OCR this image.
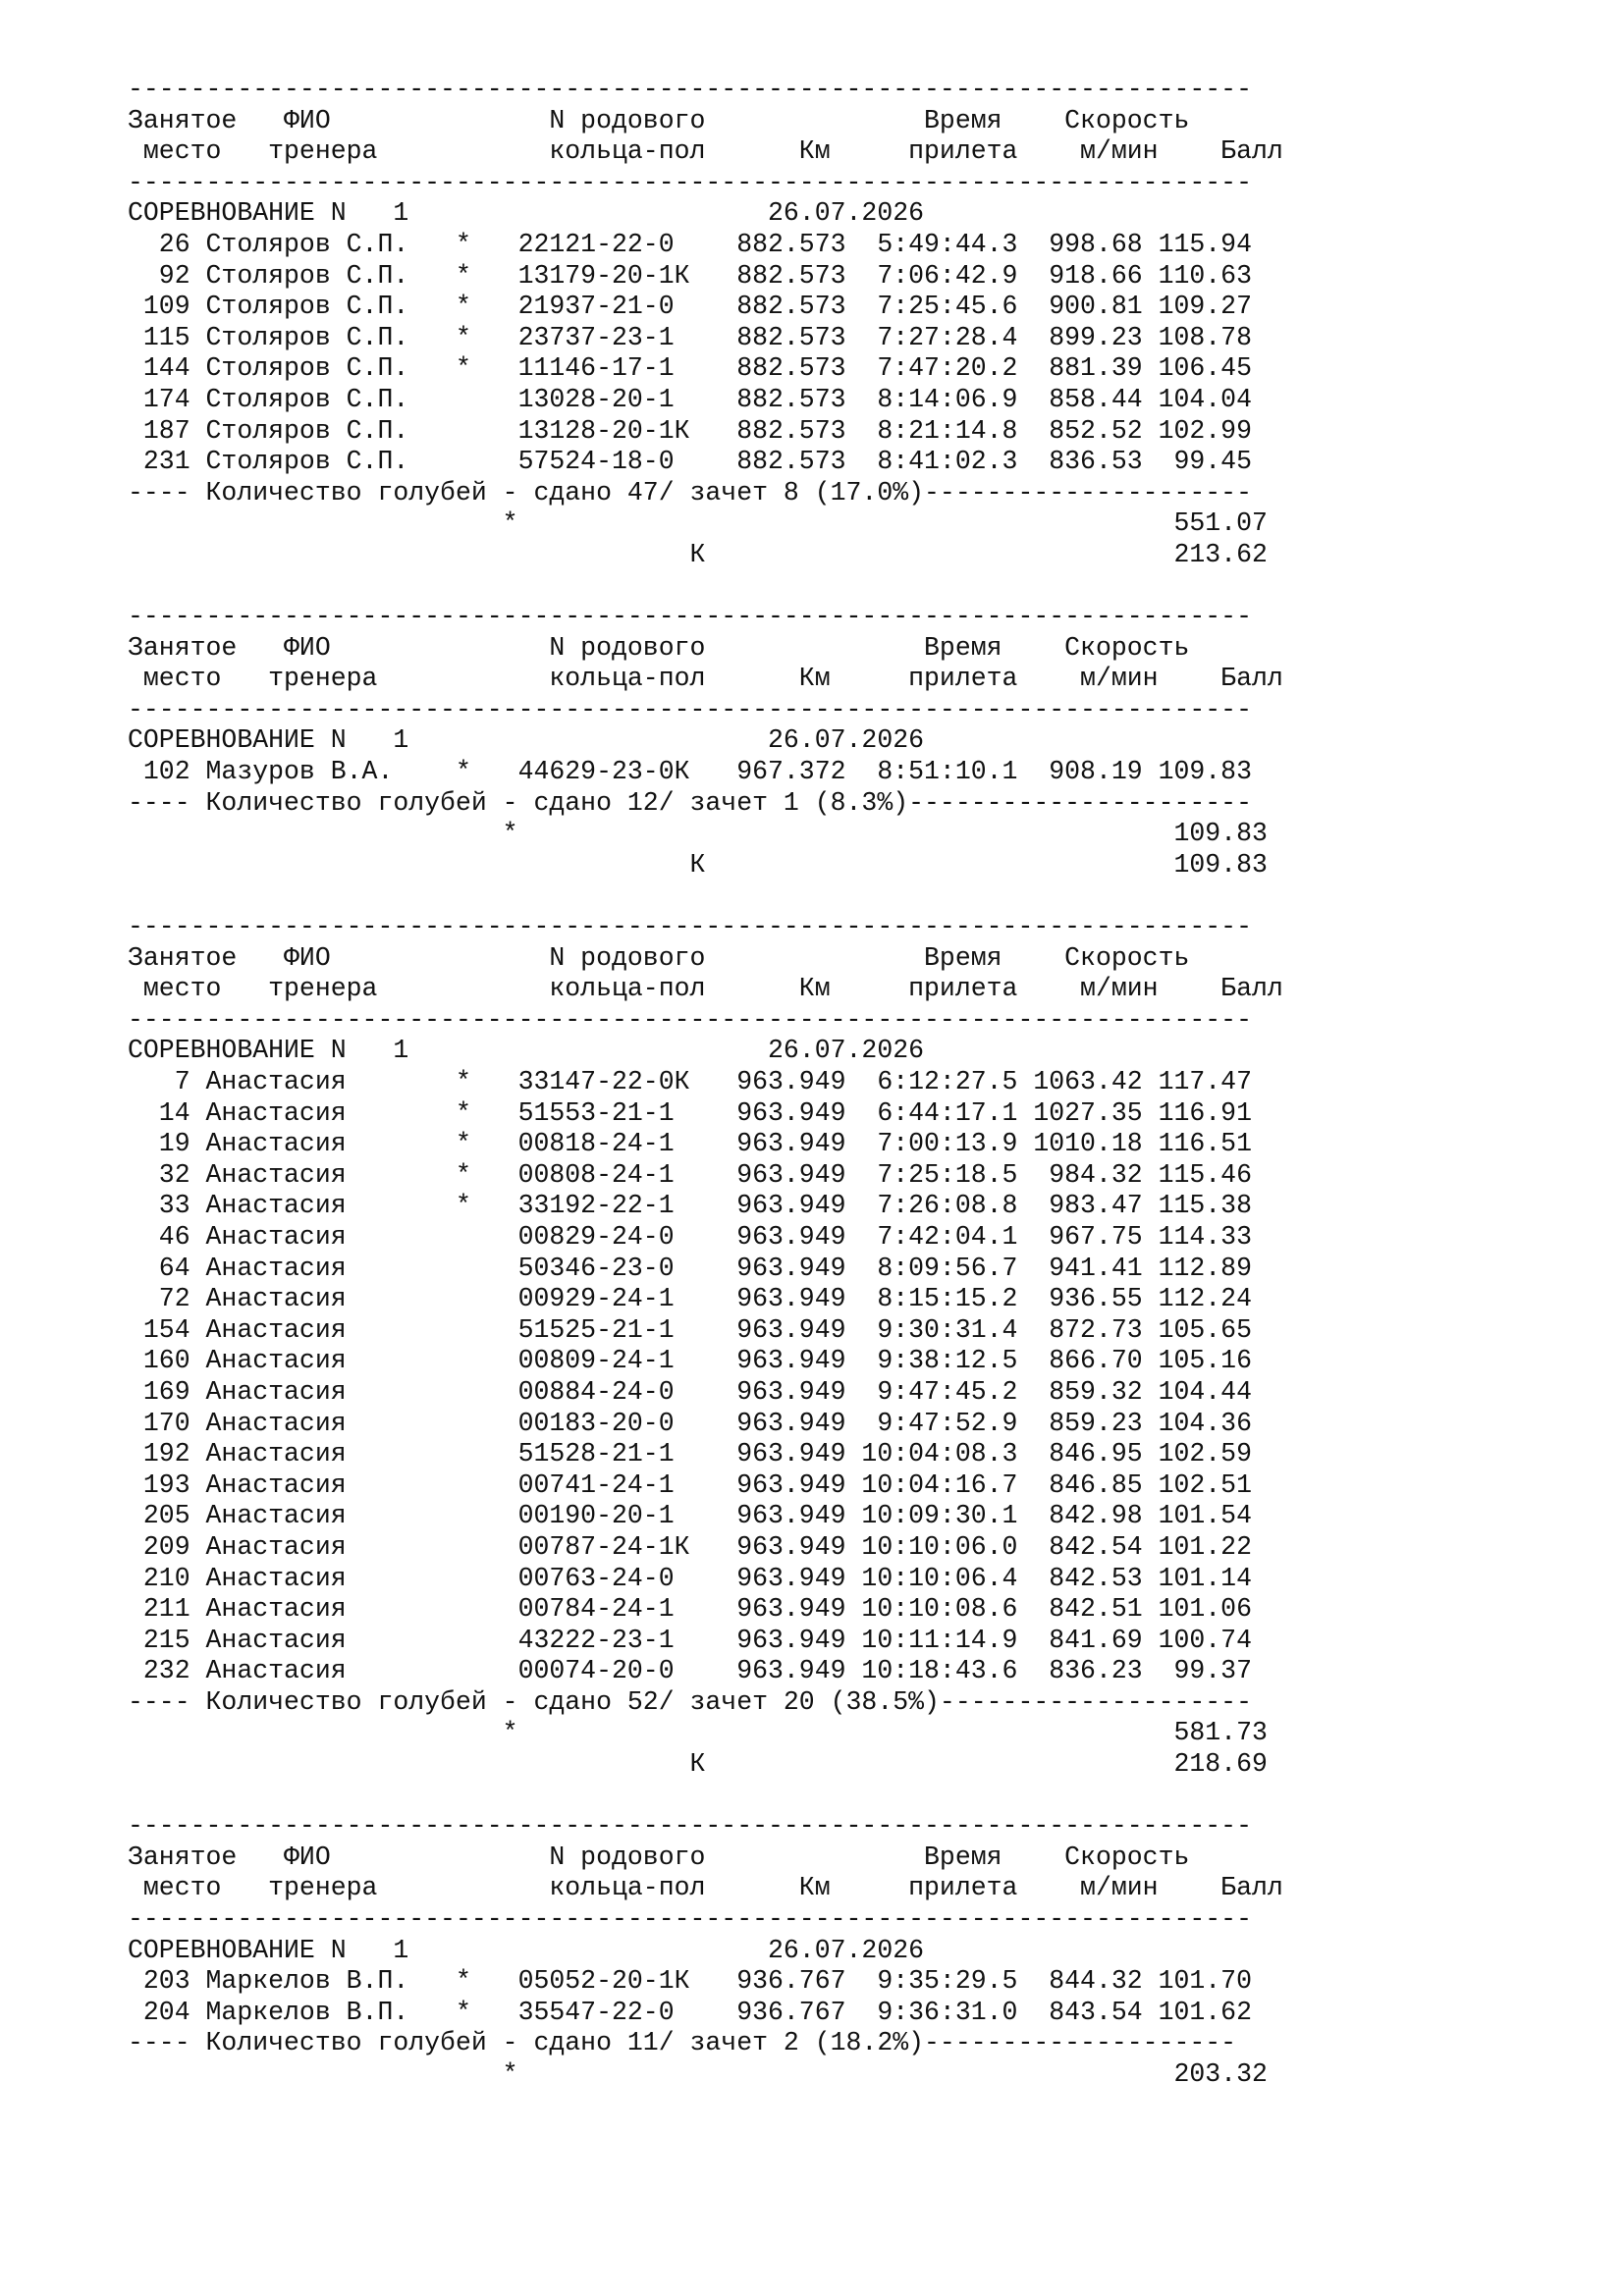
------------------------------------------------------------------------
Занятое   ФИО              N родового              Время    Скорость
место   тренера           кольца-пол      Км     прилета    м/мин    Балл
------------------------------------------------------------------------
СОРЕВНОВАНИЕ N   1                       26.07.2026
26 Столяров С.П.   *   22121-22-0    882.573  5:49:44.3  998.68 115.94
92 Столяров С.П.   *   13179-20-1К   882.573  7:06:42.9  918.66 110.63
109 Столяров С.П.   *   21937-21-0    882.573  7:25:45.6  900.81 109.27
115 Столяров С.П.   *   23737-23-1    882.573  7:27:28.4  899.23 108.78
144 Столяров С.П.   *   11146-17-1    882.573  7:47:20.2  881.39 106.45
174 Столяров С.П.       13028-20-1    882.573  8:14:06.9  858.44 104.04
187 Столяров С.П.       13128-20-1К   882.573  8:21:14.8  852.52 102.99
231 Столяров С.П.       57524-18-0    882.573  8:41:02.3  836.53  99.45
---- Количество голубей - сдано 47/ зачет 8 (17.0%)---------------------
*                                          551.07
К                              213.62
------------------------------------------------------------------------
Занятое   ФИО              N родового              Время    Скорость
место   тренера           кольца-пол      Км     прилета    м/мин    Балл
------------------------------------------------------------------------
СОРЕВНОВАНИЕ N   1                       26.07.2026
102 Мазуров В.А.    *   44629-23-0К   967.372  8:51:10.1  908.19 109.83
---- Количество голубей - сдано 12/ зачет 1 (8.3%)----------------------
*                                          109.83
К                              109.83
------------------------------------------------------------------------
Занятое   ФИО              N родового              Время    Скорость
место   тренера           кольца-пол      Км     прилета    м/мин    Балл
------------------------------------------------------------------------
СОРЕВНОВАНИЕ N   1                       26.07.2026
7 Анастасия       *   33147-22-0К   963.949  6:12:27.5 1063.42 117.47
14 Анастасия       *   51553-21-1    963.949  6:44:17.1 1027.35 116.91
19 Анастасия       *   00818-24-1    963.949  7:00:13.9 1010.18 116.51
32 Анастасия       *   00808-24-1    963.949  7:25:18.5  984.32 115.46
33 Анастасия       *   33192-22-1    963.949  7:26:08.8  983.47 115.38
46 Анастасия           00829-24-0    963.949  7:42:04.1  967.75 114.33
64 Анастасия           50346-23-0    963.949  8:09:56.7  941.41 112.89
72 Анастасия           00929-24-1    963.949  8:15:15.2  936.55 112.24
154 Анастасия           51525-21-1    963.949  9:30:31.4  872.73 105.65
160 Анастасия           00809-24-1    963.949  9:38:12.5  866.70 105.16
169 Анастасия           00884-24-0    963.949  9:47:45.2  859.32 104.44
170 Анастасия           00183-20-0    963.949  9:47:52.9  859.23 104.36
192 Анастасия           51528-21-1    963.949 10:04:08.3  846.95 102.59
193 Анастасия           00741-24-1    963.949 10:04:16.7  846.85 102.51
205 Анастасия           00190-20-1    963.949 10:09:30.1  842.98 101.54
209 Анастасия           00787-24-1К   963.949 10:10:06.0  842.54 101.22
210 Анастасия           00763-24-0    963.949 10:10:06.4  842.53 101.14
211 Анастасия           00784-24-1    963.949 10:10:08.6  842.51 101.06
215 Анастасия           43222-23-1    963.949 10:11:14.9  841.69 100.74
232 Анастасия           00074-20-0    963.949 10:18:43.6  836.23  99.37
---- Количество голубей - сдано 52/ зачет 20 (38.5%)--------------------
*                                          581.73
К                              218.69
------------------------------------------------------------------------
Занятое   ФИО              N родового              Время    Скорость
место   тренера           кольца-пол      Км     прилета    м/мин    Балл
------------------------------------------------------------------------
СОРЕВНОВАНИЕ N   1                       26.07.2026
203 Маркелов В.П.   *   05052-20-1К   936.767  9:35:29.5  844.32 101.70
204 Маркелов В.П.   *   35547-22-0    936.767  9:36:31.0  843.54 101.62
---- Количество голубей - сдано 11/ зачет 2 (18.2%)--------------------
*                                          203.32
